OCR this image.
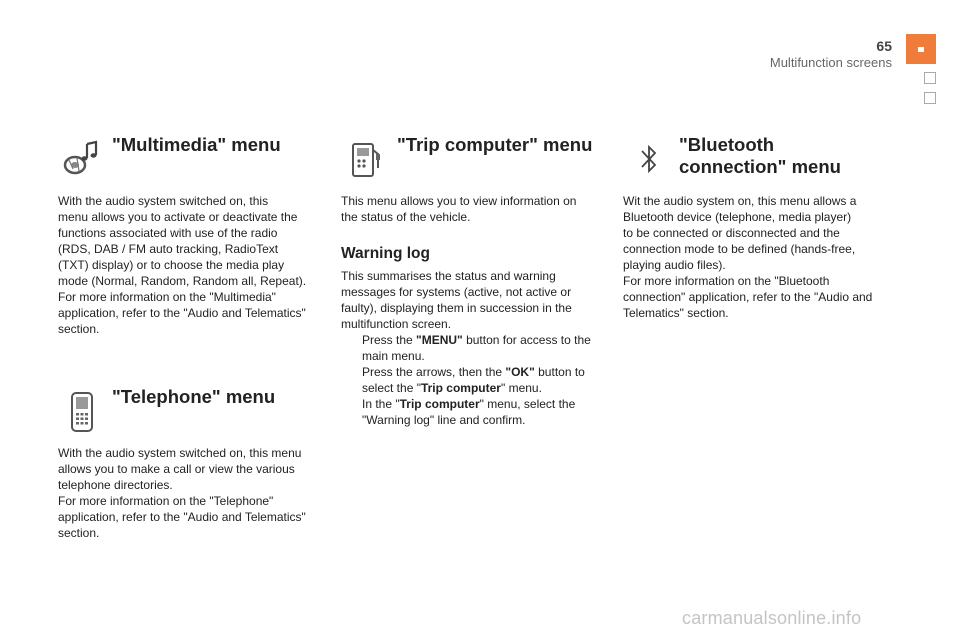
65
Multifunction screens
"Multimedia" menu

With the audio system switched on, this

menu allows you to activate or deactivate the

functions associated with use of the radio

(RDS, DAB / FM auto tracking, RadioText

(TXT) display) or to choose the media play

mode (Normal, Random, Random all, Repeat).

For more information on the "Multimedia"

application, refer to the "Audio and Telematics"

section.

"Telephone" menu

With the audio system switched on, this menu

allows you to make a call or view the various

telephone directories.

For more information on the "Telephone"

application, refer to the "Audio and Telematics"

section.

"Trip computer" menu

This menu allows you to view information on

the status of the vehicle.

Warning log

This summarises the status and warning

messages for systems (active, not active or

faulty), displaying them in succession in the

multifunction screen.

Press the "MENU" button for access to the
main menu.
Press the arrows, then the "OK" button to
select the "Trip computer" menu.
In the "Trip computer" menu, select the
"Warning log" line and confirm.
"Bluetooth
connection" menu

Wit the audio system on, this menu allows a

Bluetooth device (telephone, media player)

to be connected or disconnected and the

connection mode to be defined (hands-free,

playing audio files).

For more information on the "Bluetooth

connection" application, refer to the "Audio and

Telematics" section.

carmanualsonline.info
